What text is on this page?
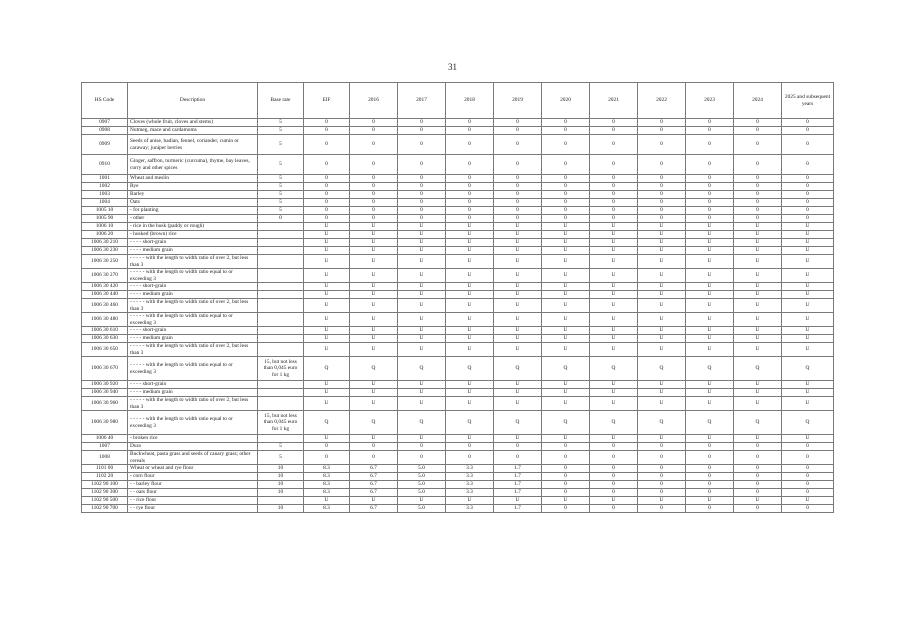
31
HS Code	Description	Base rate	EIF	2016	2017	2018	2019	2020	2021	2022	2023	2024	2025 and subsequent years
0907	Cloves (whole fruit, cloves and stems)	5	0	0	0	0	0	0	0	0	0	0	0
0908	Nutmeg, mace and cardamoms	5	0	0	0	0	0	0	0	0	0	0	0
0909	Seeds of anise, badian, fennel, coriander, cumin or caraway; juniper berries	5	0	0	0	0	0	0	0	0	0	0	0
0910	Ginger, saffron, turmeric (curcuma), thyme, bay leaves, curry and other spices	5	0	0	0	0	0	0	0	0	0	0	0
1001	Wheat and meslin	5	0	0	0	0	0	0	0	0	0	0	0
1002	Rye	5	0	0	0	0	0	0	0	0	0	0	0
1003	Barley	5	0	0	0	0	0	0	0	0	0	0	0
1004	Oats	5	0	0	0	0	0	0	0	0	0	0	0
1005 10	- for planting	5	0	0	0	0	0	0	0	0	0	0	0
1005 90	- other	0	0	0	0	0	0	0	0	0	0	0	0
1006 10	- rice in the husk (paddy or rough)		U	U	U	U	U	U	U	U	U	U	U
1006 20	- husked (brown) rice		U	U	U	U	U	U	U	U	U	U	U
1006 30 210	- - - - short-grain		U	U	U	U	U	U	U	U	U	U	U
1006 30 230	- - - - medium grain		U	U	U	U	U	U	U	U	U	U	U
1006 30 250	- - - - - with the length to width ratio of over 2, but less than 3		U	U	U	U	U	U	U	U	U	U	U
1006 30 270	- - - - - with the length to width ratio equal to or exceeding 3		U	U	U	U	U	U	U	U	U	U	U
1006 30 420	- - - - short-grain		U	U	U	U	U	U	U	U	U	U	U
1006 30 440	- - - - medium grain		U	U	U	U	U	U	U	U	U	U	U
1006 30 460	- - - - - with the length to width ratio of over 2, but less than 3		U	U	U	U	U	U	U	U	U	U	U
1006 30 480	- - - - - with the length to width ratio equal to or exceeding 3		U	U	U	U	U	U	U	U	U	U	U
1006 30 610	- - - - short-grain		U	U	U	U	U	U	U	U	U	U	U
1006 30 630	- - - - medium grain		U	U	U	U	U	U	U	U	U	U	U
1006 30 650	- - - - - with the length to width ratio of over 2, but less than 3		U	U	U	U	U	U	U	U	U	U	U
1006 30 670	- - - - - with the length to width ratio equal to or exceeding 3	15, but not less than 0,045 euro for 1 kg	Q	Q	Q	Q	Q	Q	Q	Q	Q	Q	Q
1006 30 920	- - - - short-grain		U	U	U	U	U	U	U	U	U	U	U
1006 30 940	- - - - medium grain		U	U	U	U	U	U	U	U	U	U	U
1006 30 960	- - - - - with the length to width ratio of over 2, but less than 3		U	U	U	U	U	U	U	U	U	U	U
1006 30 980	- - - - - with the length to width ratio equal to or exceeding 3	15, but not less than 0,045 euro for 1 kg	Q	Q	Q	Q	Q	Q	Q	Q	Q	Q	Q
1006 40	- broken rice		U	U	U	U	U	U	U	U	U	U	U
1007	Dura	5	0	0	0	0	0	0	0	0	0	0	0
1008	Buckwheat, pasta grass and seeds of canary grass; other cereals	5	0	0	0	0	0	0	0	0	0	0	0
1101 00	Wheat or wheat and rye flour	10	8.3	6.7	5.0	3.3	1.7	0	0	0	0	0	0
1102 20	- corn flour	10	8.3	6.7	5.0	3.3	1.7	0	0	0	0	0	0
1102 90 100	- - barley flour	10	8.3	6.7	5.0	3.3	1.7	0	0	0	0	0	0
1102 90 300	- - oats flour	10	8.3	6.7	5.0	3.3	1.7	0	0	0	0	0	0
1102 90 500	- - rice flour		U	U	U	U	U	U	U	U	U	U	U
1102 90 700	- - rye flour	10	8.3	6.7	5.0	3.3	1.7	0	0	0	0	0	0
